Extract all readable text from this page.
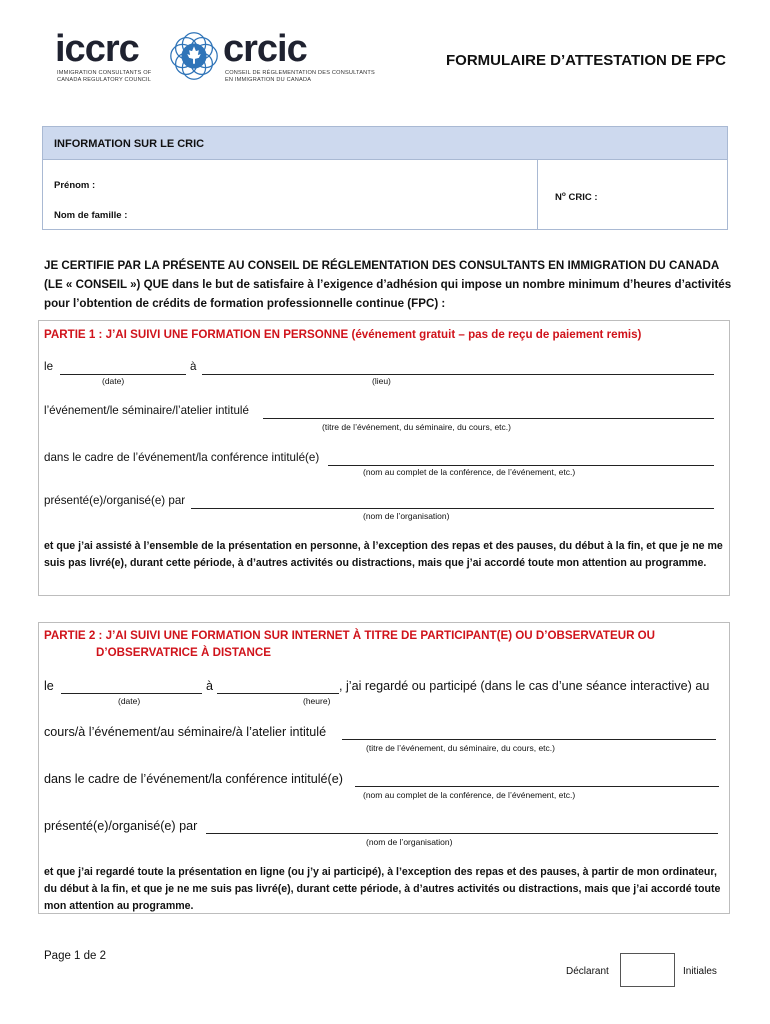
iccrc crcic
IMMIGRATION CONSULTANTS OF CANADA REGULATORY COUNCIL
CONSEIL DE RÉGLEMENTATION DES CONSULTANTS EN IMMIGRATION DU CANADA
FORMULAIRE D’ATTESTATION DE FPC
INFORMATION SUR LE CRIC
Prénom :
Nom de famille :
$N^o$ CRIC :
JE CERTIFIE PAR LA PRÉSENTE AU CONSEIL DE RÉGLEMENTATION DES CONSULTANTS EN IMMIGRATION DU CANADA (LE « CONSEIL ») QUE dans le but de satisfaire à l’exigence d’adhésion qui impose un nombre minimum d’heures d’activités pour l’obtention de crédits de formation professionnelle continue (FPC) :
PARTIE 1 : J’AI SUIVI UNE FORMATION EN PERSONNE (événement gratuit – pas de reçu de paiement remis)
le	à
(date)	(lieu)
l’événement/le séminaire/l’atelier intitulé
(titre de l’événement, du séminaire, du cours, etc.)
dans le cadre de l’événement/la conférence intitulé(e)
(nom au complet de la conférence, de l’événement, etc.)
présenté(e)/organisé(e) par
(nom de l’organisation)
et que j’ai assisté à l’ensemble de la présentation en personne, à l’exception des repas et des pauses, du début à la fin, et que je ne me suis pas livré(e), durant cette période, à d’autres activités ou distractions, mais que j’ai accordé toute mon attention au programme.
PARTIE 2 : J’AI SUIVI UNE FORMATION SUR INTERNET À TITRE DE PARTICIPANT(E) OU D’OBSERVATEUR OU
D’OBSERVATRICE À DISTANCE
le	à	, j’ai regardé ou participé (dans le cas d’une séance interactive) au
(date)	(heure)
cours/à l’événement/au séminaire/à l’atelier intitulé
(titre de l’événement, du séminaire, du cours, etc.)
dans le cadre de l’événement/la conférence intitulé(e)
(nom au complet de la conférence, de l’événement, etc.)
présenté(e)/organisé(e) par
(nom de l’organisation)
et que j’ai regardé toute la présentation en ligne (ou j’y ai participé), à l’exception des repas et des pauses, à partir de mon ordinateur, du début à la fin, et que je ne me suis pas livré(e), durant cette période, à d’autres activités ou distractions, mais que j’ai accordé toute mon attention au programme.
Page 1 de 2
Déclarant	Initiales
